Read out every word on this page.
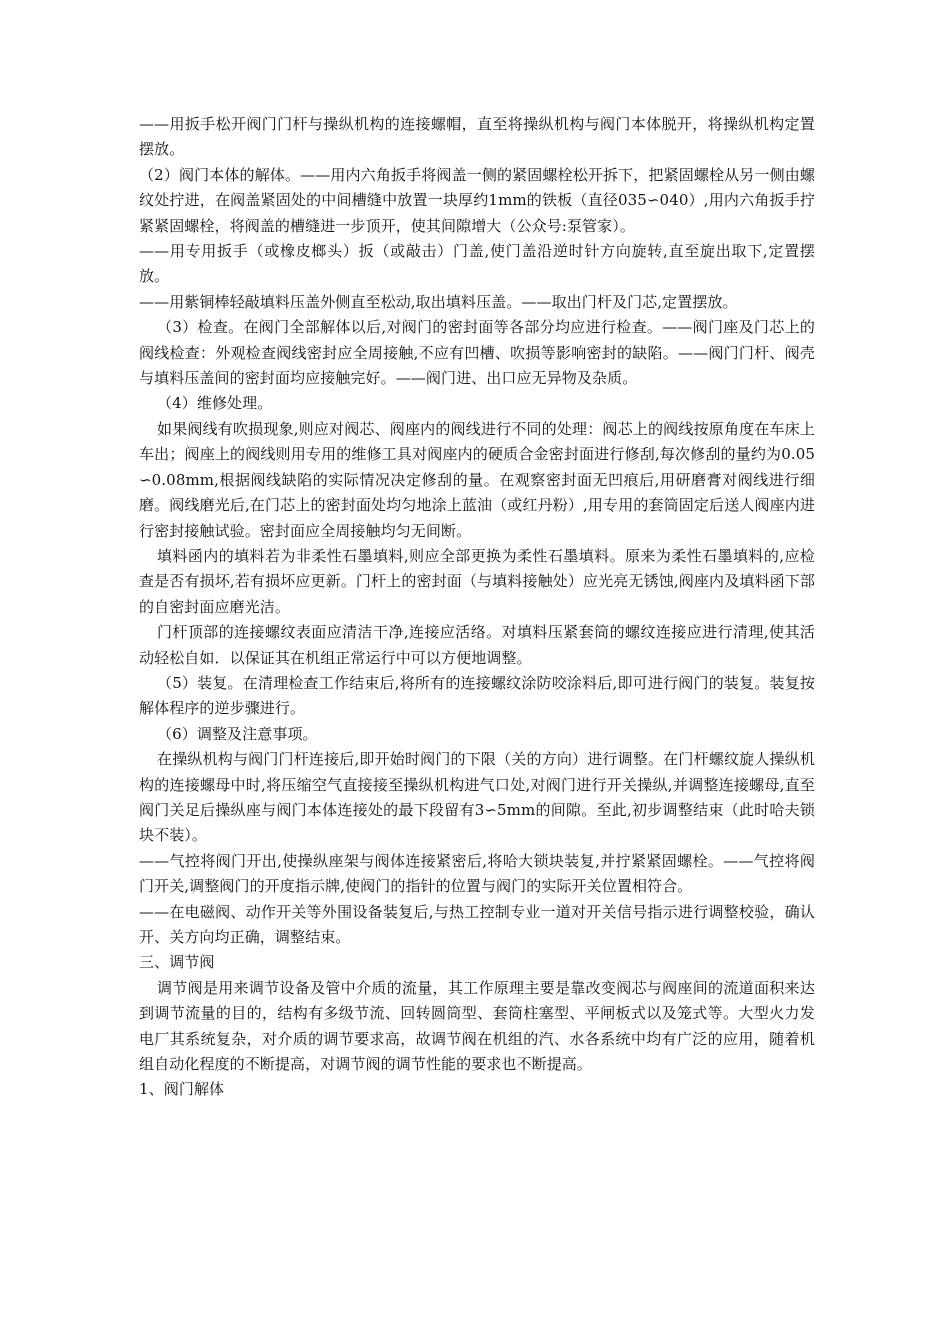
——用扳手松开阀门门杆与操纵机构的连接螺帽，直至将操纵机构与阀门本体脱开，将操纵机构定置摆放。

（2）阀门本体的解体。——用内六角扳手将阀盖一侧的紧固螺栓松开拆下，把紧固螺栓从另一侧由螺纹处拧进，在阀盖紧固处的中间槽缝中放置一块厚约1mm的铁板（直径035∽040）,用内六角扳手拧紧紧固螺栓，将阀盖的槽缝进一步顶开，使其间隙增大（公众号:泵管家）。

——用专用扳手（或橡皮榔头）扳（或敲击）门盖,使门盖沿逆时针方向旋转,直至旋出取下,定置摆放。

——用紫铜棒轻敲填料压盖外侧直至松动,取出填料压盖。——取出门杆及门芯,定置摆放。

（3）检查。在阀门全部解体以后,对阀门的密封面等各部分均应进行检查。——阀门座及门芯上的阀线检查：外观检查阀线密封应全周接触,不应有凹槽、吹损等影响密封的缺陷。——阀门门杆、阀壳与填料压盖间的密封面均应接触完好。——阀门进、出口应无异物及杂质。

（4）维修处理。

如果阀线有吹损现象,则应对阀芯、阀座内的阀线进行不同的处理：阀芯上的阀线按原角度在车床上车出；阀座上的阀线则用专用的维修工具对阀座内的硬质合金密封面进行修刮,每次修刮的量约为0.05∽0.08mm,根据阀线缺陷的实际情况决定修刮的量。在观察密封面无凹痕后,用研磨膏对阀线进行细磨。阀线磨光后,在门芯上的密封面处均匀地涂上蓝油（或红丹粉）,用专用的套筒固定后送人阀座内进行密封接触试验。密封面应全周接触均匀无间断。

填料函内的填料若为非柔性石墨填料,则应全部更换为柔性石墨填料。原来为柔性石墨填料的,应检查是否有损坏,若有损坏应更新。门杆上的密封面（与填料接触处）应光亮无锈蚀,阀座内及填料函下部的自密封面应磨光洁。

门杆顶部的连接螺纹表面应清洁干净,连接应活络。对填料压紧套筒的螺纹连接应进行清理,使其活动轻松自如．以保证其在机组正常运行中可以方便地调整。

（5）装复。在清理检查工作结束后,将所有的连接螺纹涂防咬涂料后,即可进行阀门的装复。装复按解体程序的逆步骤进行。

（6）调整及注意事项。

在操纵机构与阀门门杆连接后,即开始时阀门的下限（关的方向）进行调整。在门杆螺纹旋人操纵机构的连接螺母中时,将压缩空气直接接至操纵机构进气口处,对阀门进行开关操纵,并调整连接螺母,直至阀门关足后操纵座与阀门本体连接处的最下段留有3∽5mm的间隙。至此,初步调整结束（此时哈夫锁块不装）。

——气控将阀门开出,使操纵座架与阀体连接紧密后,将哈大锁块装复,并拧紧紧固螺栓。——气控将阀门开关,调整阀门的开度指示牌,使阀门的指针的位置与阀门的实际开关位置相符合。

——在电磁阀、动作开关等外围设备装复后,与热工控制专业一道对开关信号指示进行调整校验，确认开、关方向均正确，调整结束。

三、调节阀

调节阀是用来调节设备及管中介质的流量，其工作原理主要是靠改变阀芯与阀座间的流道面积来达到调节流量的目的，结构有多级节流、回转圆筒型、套筒柱塞型、平闸板式以及笼式等。大型火力发电厂其系统复杂，对介质的调节要求高，故调节阀在机组的汽、水各系统中均有广泛的应用，随着机组自动化程度的不断提高，对调节阀的调节性能的要求也不断提高。

1、阀门解体
